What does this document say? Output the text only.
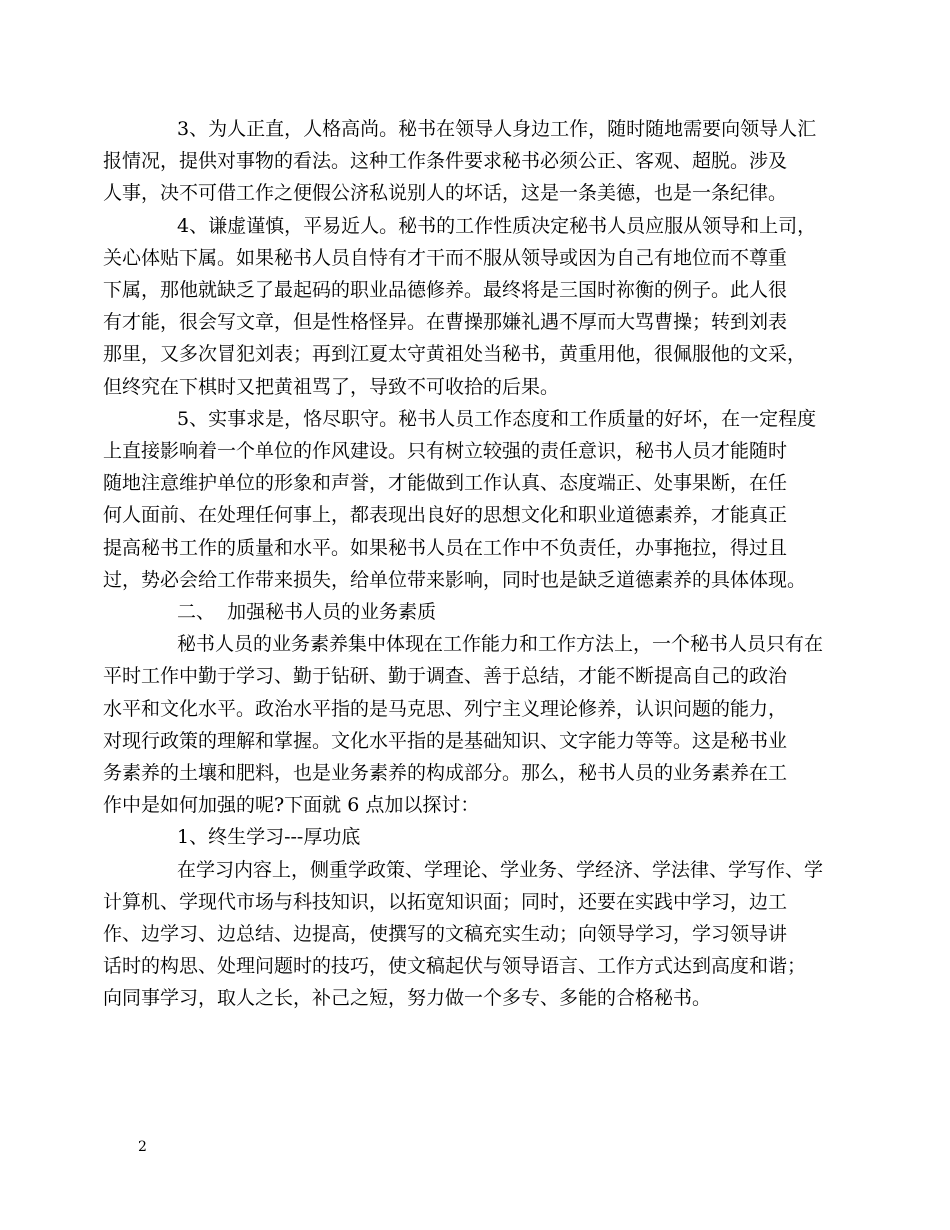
3、为人正直，人格高尚。秘书在领导人身边工作，随时随地需要向领导人汇
报情况，提供对事物的看法。这种工作条件要求秘书必须公正、客观、超脱。涉及
人事，决不可借工作之便假公济私说别人的坏话，这是一条美德，也是一条纪律。

4、谦虚谨慎，平易近人。秘书的工作性质决定秘书人员应服从领导和上司，
关心体贴下属。如果秘书人员自恃有才干而不服从领导或因为自己有地位而不尊重
下属，那他就缺乏了最起码的职业品德修养。最终将是三国时祢衡的例子。此人很
有才能，很会写文章，但是性格怪异。在曹操那嫌礼遇不厚而大骂曹操；转到刘表
那里，又多次冒犯刘表；再到江夏太守黄祖处当秘书，黄重用他，很佩服他的文采，
但终究在下棋时又把黄祖骂了，导致不可收拾的后果。

5、实事求是，恪尽职守。秘书人员工作态度和工作质量的好坏，在一定程度
上直接影响着一个单位的作风建设。只有树立较强的责任意识，秘书人员才能随时
随地注意维护单位的形象和声誉，才能做到工作认真、态度端正、处事果断，在任
何人面前、在处理任何事上，都表现出良好的思想文化和职业道德素养，才能真正
提高秘书工作的质量和水平。如果秘书人员在工作中不负责任，办事拖拉，得过且
过，势必会给工作带来损失，给单位带来影响，同时也是缺乏道德素养的具体体现。

二、  加强秘书人员的业务素质

秘书人员的业务素养集中体现在工作能力和工作方法上，一个秘书人员只有在
平时工作中勤于学习、勤于钻研、勤于调查、善于总结，才能不断提高自己的政治
水平和文化水平。政治水平指的是马克思、列宁主义理论修养，认识问题的能力，
对现行政策的理解和掌握。文化水平指的是基础知识、文字能力等等。这是秘书业
务素养的土壤和肥料，也是业务素养的构成部分。那么，秘书人员的业务素养在工
作中是如何加强的呢?下面就 6 点加以探讨：

1、终生学习---厚功底

在学习内容上，侧重学政策、学理论、学业务、学经济、学法律、学写作、学
计算机、学现代市场与科技知识，以拓宽知识面；同时，还要在实践中学习，边工
作、边学习、边总结、边提高，使撰写的文稿充实生动；向领导学习，学习领导讲
话时的构思、处理问题时的技巧，使文稿起伏与领导语言、工作方式达到高度和谐；
向同事学习，取人之长，补己之短，努力做一个多专、多能的合格秘书。

2
